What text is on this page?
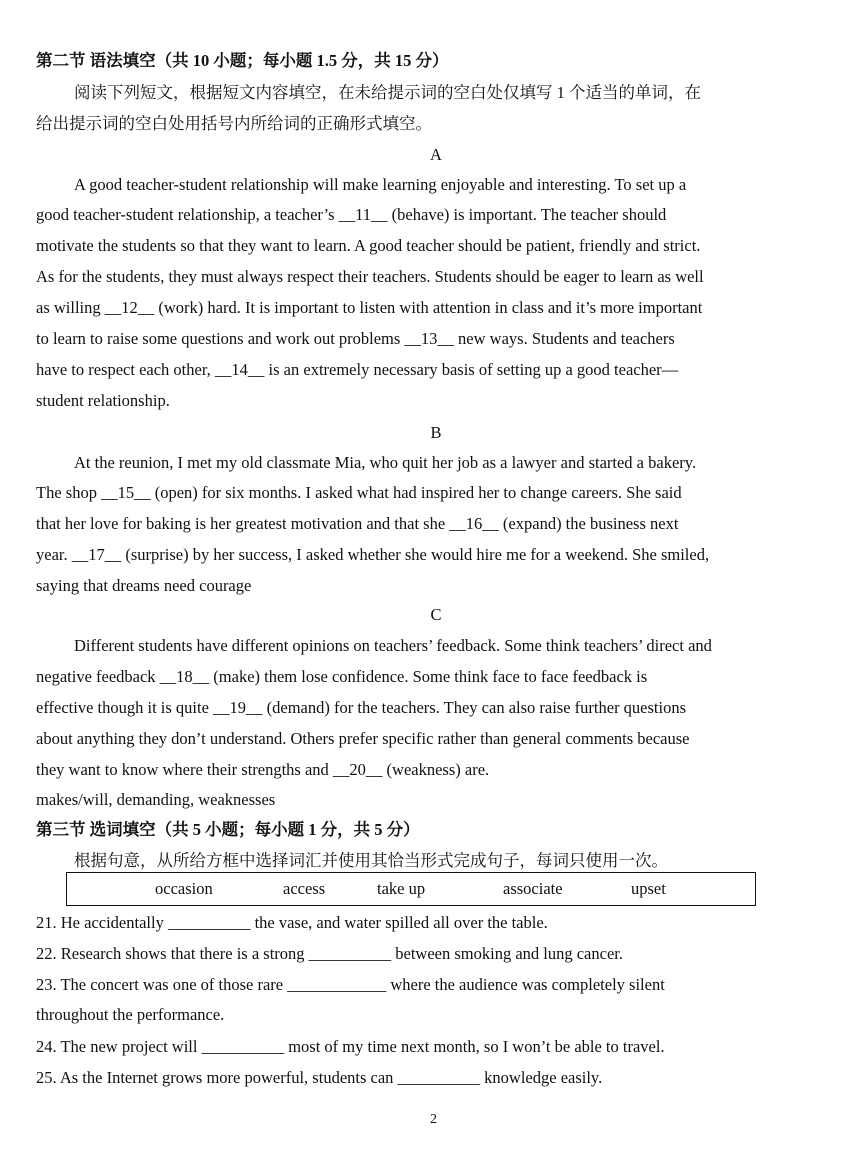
第二节 语法填空（共 10 小题；每小题 1.5 分，共 15 分）
阅读下列短文，根据短文内容填空，在未给提示词的空白处仅填写 1 个适当的单词，在
给出提示词的空白处用括号内所给词的正确形式填空。
A
A good teacher-student relationship will make learning enjoyable and interesting. To set up a
good teacher-student relationship, a teacher’s __11__ (behave) is important. The teacher should
motivate the students so that they want to learn. A good teacher should be patient, friendly and strict.
As for the students, they must always respect their teachers. Students should be eager to learn as well
as willing __12__ (work) hard. It is important to listen with attention in class and it’s more important
to learn to raise some questions and work out problems __13__ new ways. Students and teachers
have to respect each other, __14__ is an extremely necessary basis of setting up a good teacher—
student relationship.
B
At the reunion, I met my old classmate Mia, who quit her job as a lawyer and started a bakery.
The shop __15__ (open) for six months. I asked what had inspired her to change careers. She said
that her love for baking is her greatest motivation and that she __16__ (expand) the business next
year. __17__ (surprise) by her success, I asked whether she would hire me for a weekend. She smiled,
saying that dreams need courage
C
Different students have different opinions on teachers’ feedback. Some think teachers’ direct and
negative feedback __18__ (make) them lose confidence. Some think face to face feedback is
effective though it is quite __19__ (demand) for the teachers. They can also raise further questions
about anything they don’t understand. Others prefer specific rather than general comments because
they want to know where their strengths and __20__ (weakness) are.
makes/will, demanding, weaknesses
第三节 选词填空（共 5 小题；每小题 1 分，共 5 分）
根据句意，从所给方框中选择词汇并使用其恰当形式完成句子，每词只使用一次。
occasion	access	take up	associate	upset
21. He accidentally __________ the vase, and water spilled all over the table.
22. Research shows that there is a strong __________ between smoking and lung cancer.
23. The concert was one of those rare ____________ where the audience was completely silent
throughout the performance.
24. The new project will __________ most of my time next month, so I won’t be able to travel.
25. As the Internet grows more powerful, students can __________ knowledge easily.
2
